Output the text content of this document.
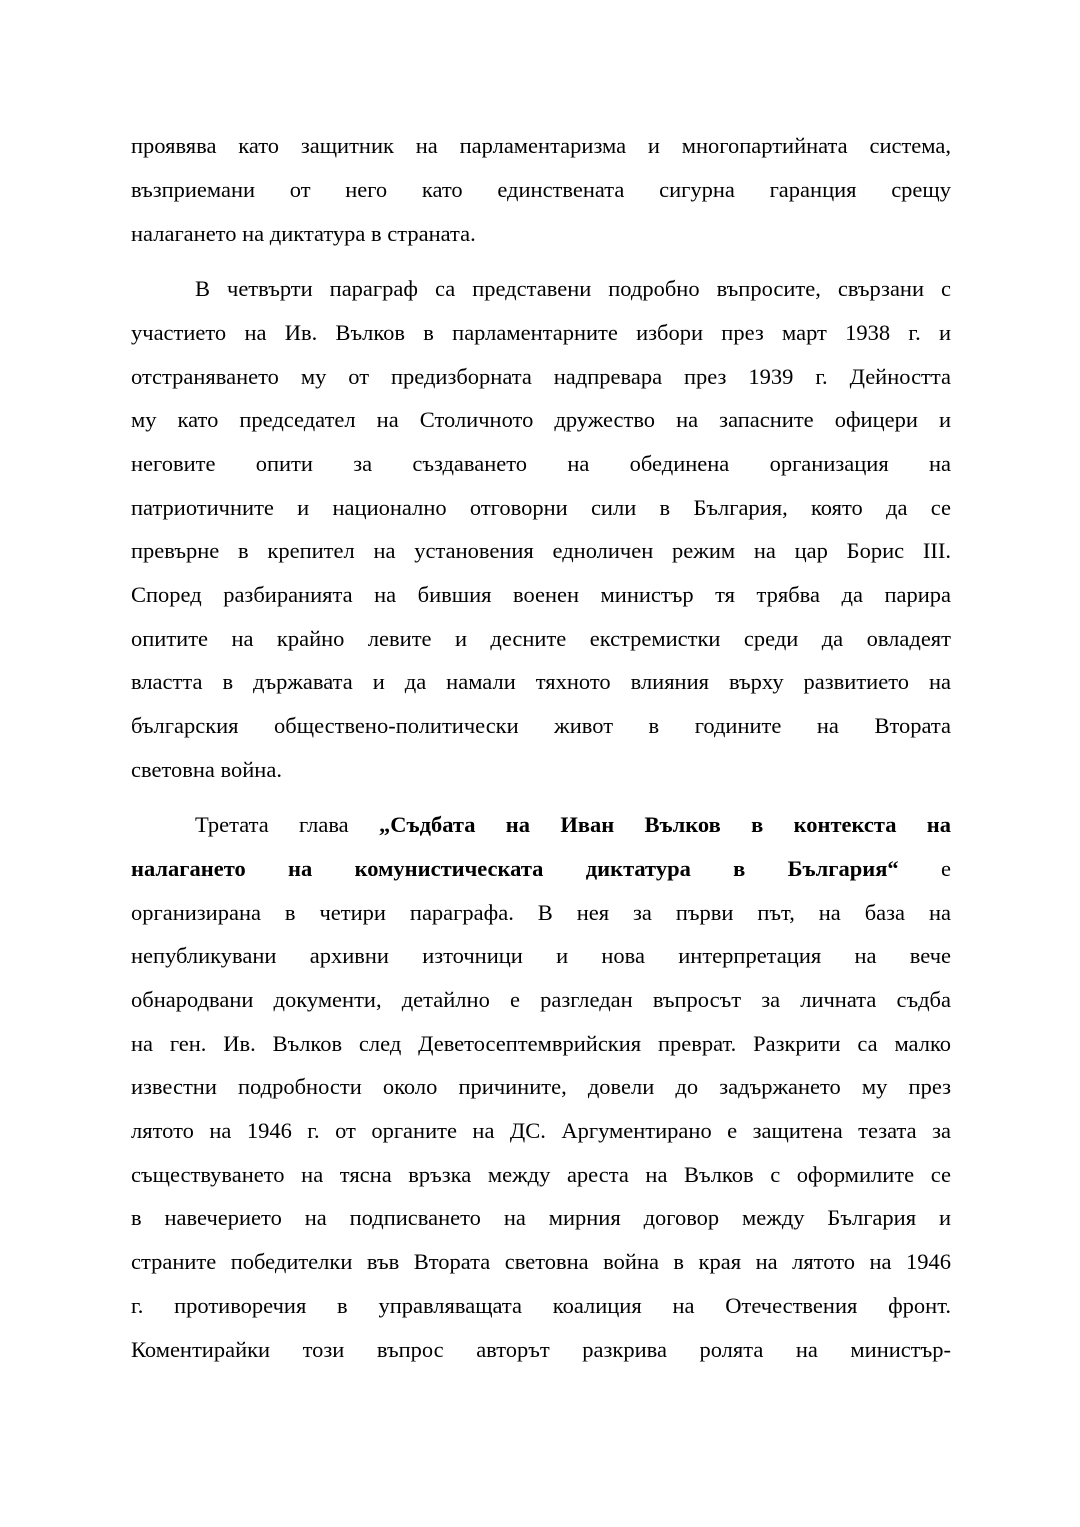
проявява като защитник на парламентаризма и многопартийната система,
възприемани от него като единствената сигурна гаранция срещу
налагането на диктатура в страната.
В четвърти параграф са представени подробно въпросите, свързани с
участието на Ив. Вълков в парламентарните избори през март 1938 г. и
отстраняването му от предизборната надпревара през 1939 г. Дейността
му като председател на Столичното дружество на запасните офицери и
неговите опити за създаването на обединена организация на
патриотичните и национално отговорни сили в България, която да се
превърне в крепител на установения едноличен режим на цар Борис III.
Според разбиранията на бившия военен министър тя трябва да парира
опитите на крайно левите и десните екстремистки среди да овладеят
властта в държавата и да намали тяхното влияния върху развитието на
българския обществено-политически живот в годините на Втората
световна война.
Третата глава „Съдбата на Иван Вълков в контекста на
налагането на комунистическата диктатура в България“ е
организирана в четири параграфа. В нея за първи път, на база на
непубликувани архивни източници и нова интерпретация на вече
обнародвани документи, детайлно е разгледан въпросът за личната съдба
на ген. Ив. Вълков след Деветосептемврийския преврат. Разкрити са малко
известни подробности около причините, довели до задържането му през
лятото на 1946 г. от органите на ДС. Аргументирано е защитена тезата за
съществуването на тясна връзка между ареста на Вълков с оформилите се
в навечерието на подписването на мирния договор между България и
страните победителки във Втората световна война в края на лятото на 1946
г. противоречия в управляващата коалиция на Отечествения фронт.
Коментирайки този въпрос авторът разкрива ролята на министър-
